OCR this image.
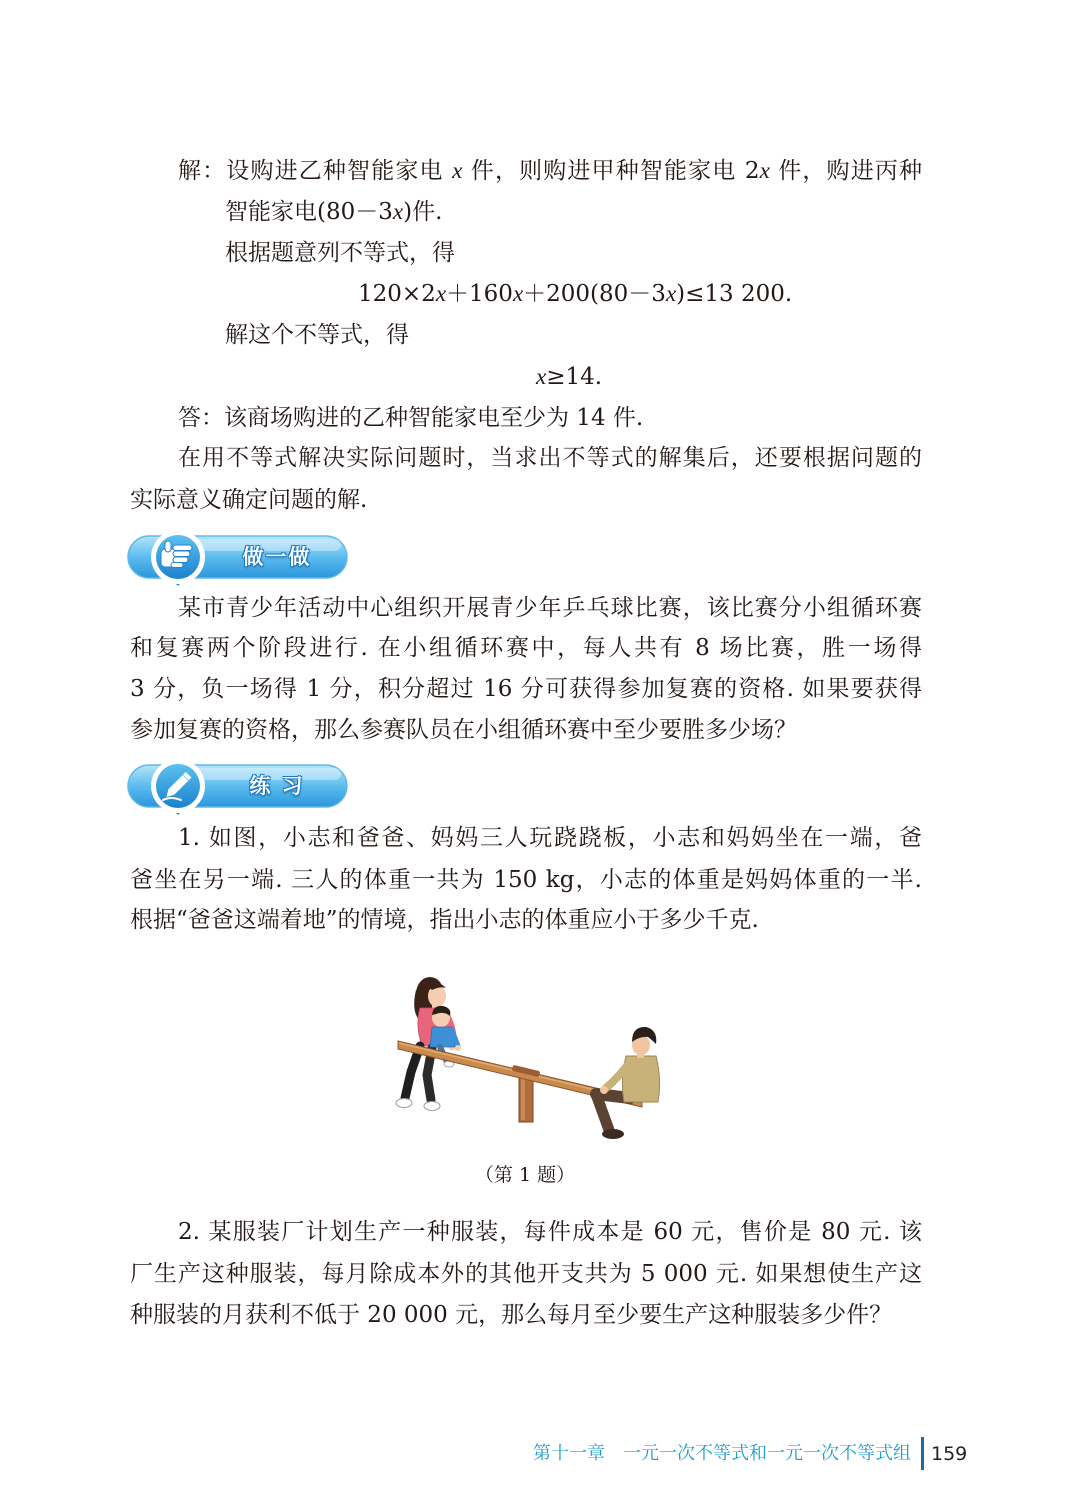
解：设购进乙种智能家电 x 件，则购进甲种智能家电 2x 件，购进丙种
智能家电(80－3x)件.
根据题意列不等式，得
120×2x＋160x＋200(80－3x)≤13 200.
解这个不等式，得
x≥14.
答：该商场购进的乙种智能家电至少为 14 件.
在用不等式解决实际问题时，当求出不等式的解集后，还要根据问题的
实际意义确定问题的解.
做一做
某市青少年活动中心组织开展青少年乒乓球比赛，该比赛分小组循环赛
和复赛两个阶段进行. 在小组循环赛中，每人共有 8 场比赛，胜一场得
3 分，负一场得 1 分，积分超过 16 分可获得参加复赛的资格. 如果要获得
参加复赛的资格，那么参赛队员在小组循环赛中至少要胜多少场？
练 习
1. 如图，小志和爸爸、妈妈三人玩跷跷板，小志和妈妈坐在一端，爸
爸坐在另一端. 三人的体重一共为 150 kg，小志的体重是妈妈体重的一半.
根据“爸爸这端着地”的情境，指出小志的体重应小于多少千克.
（第 1 题）
2. 某服装厂计划生产一种服装，每件成本是 60 元，售价是 80 元. 该
厂生产这种服装，每月除成本外的其他开支共为 5 000 元. 如果想使生产这
种服装的月获利不低于 20 000 元，那么每月至少要生产这种服装多少件？
第十一章　一元一次不等式和一元一次不等式组 159
